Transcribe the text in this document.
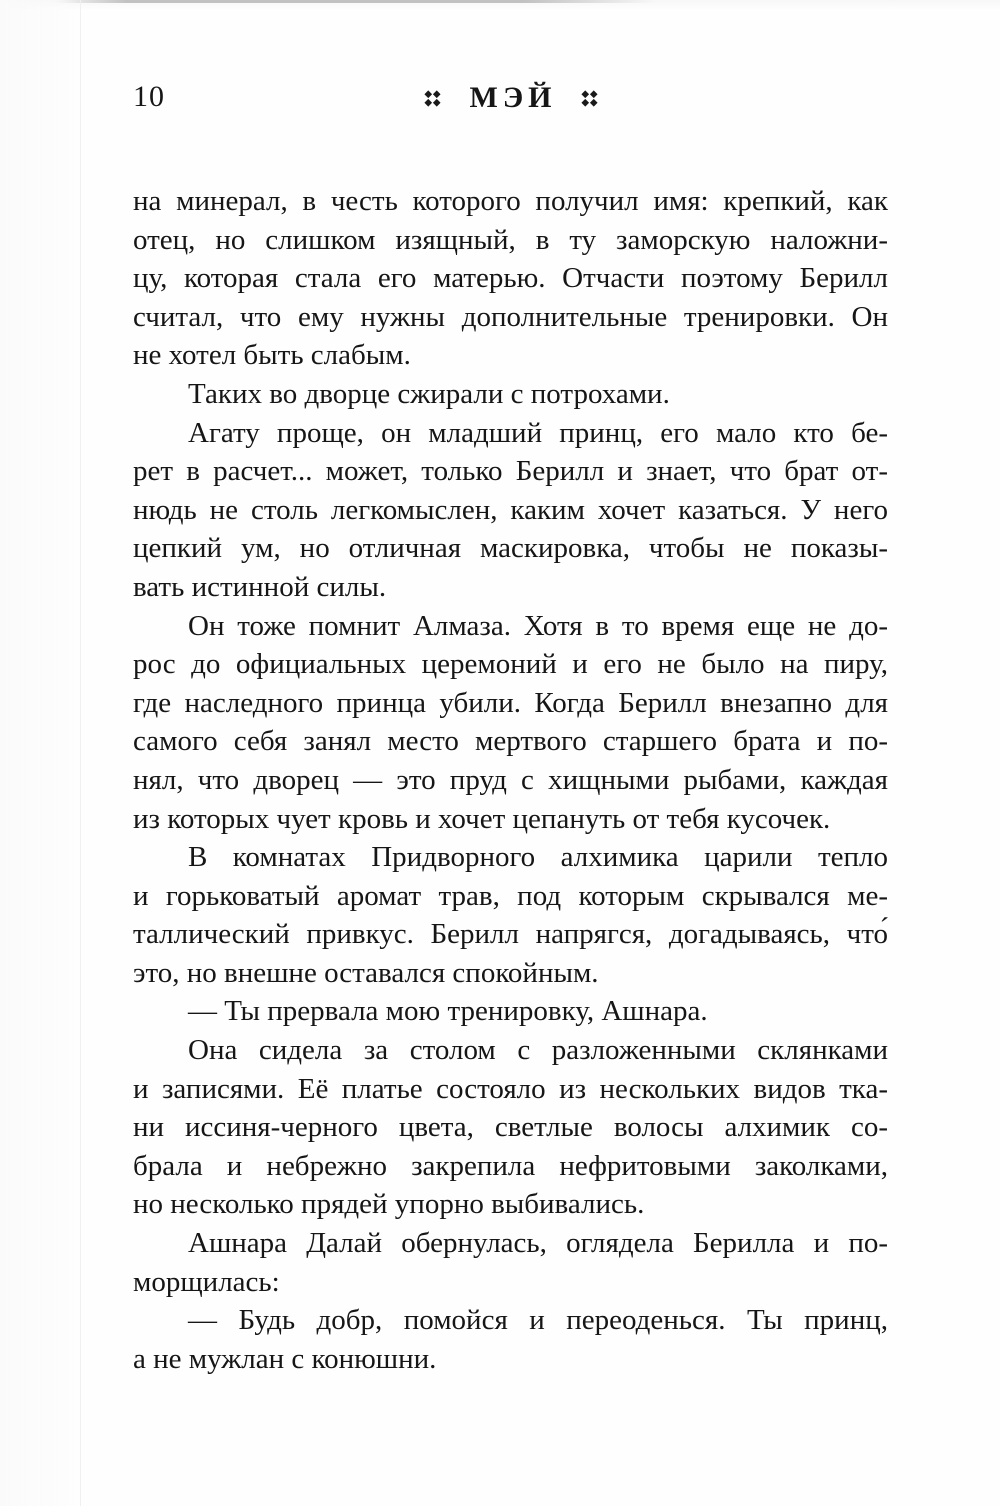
10	МЭЙ
на минерал, в честь которого получил имя: крепкий, как
отец, но слишком изящный, в ту заморскую наложни-
цу, которая стала его матерью. Отчасти поэтому Берилл
считал, что ему нужны дополнительные тренировки. Он
не хотел быть слабым.
Таких во дворце сжирали с потрохами.
Агату проще, он младший принц, его мало кто бе-
рет в расчет... может, только Берилл и знает, что брат от-
нюдь не столь легкомыслен, каким хочет казаться. У него
цепкий ум, но отличная маскировка, чтобы не показы-
вать истинной силы.
Он тоже помнит Алмаза. Хотя в то время еще не до-
рос до официальных церемоний и его не было на пиру,
где наследного принца убили. Когда Берилл внезапно для
самого себя занял место мертвого старшего брата и по-
нял, что дворец — это пруд с хищными рыбами, каждая
из которых чует кровь и хочет цепануть от тебя кусочек.
В комнатах Придворного алхимика царили тепло
и горьковатый аромат трав, под которым скрывался ме-
таллический привкус. Берилл напрягся, догадываясь, что́
это, но внешне оставался спокойным.
— Ты прервала мою тренировку, Ашнара.
Она сидела за столом с разложенными склянками
и записями. Её платье состояло из нескольких видов тка-
ни иссиня-черного цвета, светлые волосы алхимик со-
брала и небрежно закрепила нефритовыми заколками,
но несколько прядей упорно выбивались.
Ашнара Далай обернулась, оглядела Берилла и по-
морщилась:
— Будь добр, помойся и переоденься. Ты принц,
а не мужлан с конюшни.
